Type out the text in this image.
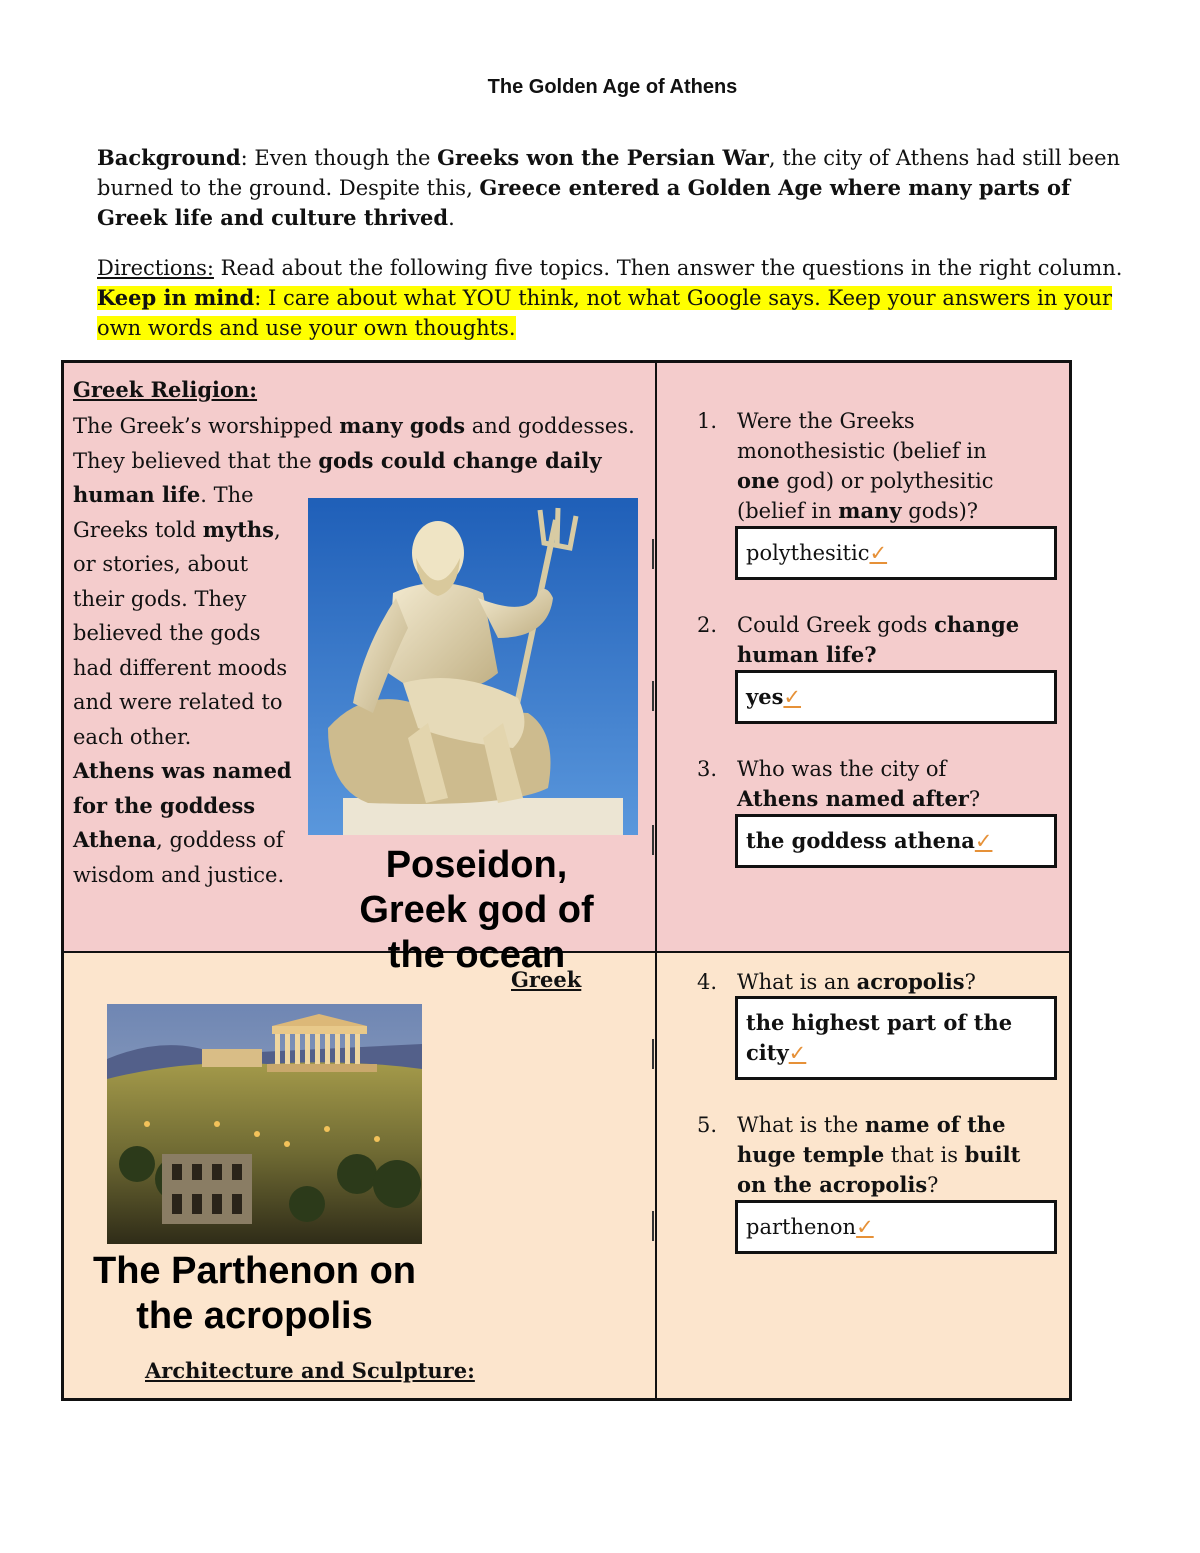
The Golden Age of Athens
Background: Even though the Greeks won the Persian War, the city of Athens had still been burned to the ground. Despite this, Greece entered a Golden Age where many parts of Greek life and culture thrived.
Directions: Read about the following five topics. Then answer the questions in the right column. Keep in mind: I care about what YOU think, not what Google says. Keep your answers in your own words and use your own thoughts.
Greek Religion:
The Greek’s worshipped many gods and goddesses. They believed that the gods could change daily
human life. The Greeks told myths, or stories, about their gods. They believed the gods had different moods and were related to each other.
Athens was named for the goddess Athena, goddess of wisdom and justice.	Poseidon, Greek god of the ocean
1. Were the Greeks monothesistic (belief in one god) or polythesitic (belief in many gods)?
polythesitic✓
2. Could Greek gods change human life?
yes✓
3. Who was the city of Athens named after?
the goddess athena✓
Greek
The Parthenon on the acropolis
Architecture and Sculpture:
4. What is an acropolis?
the highest part of the city✓
5. What is the name of the huge temple that is built on the acropolis?
parthenon✓
